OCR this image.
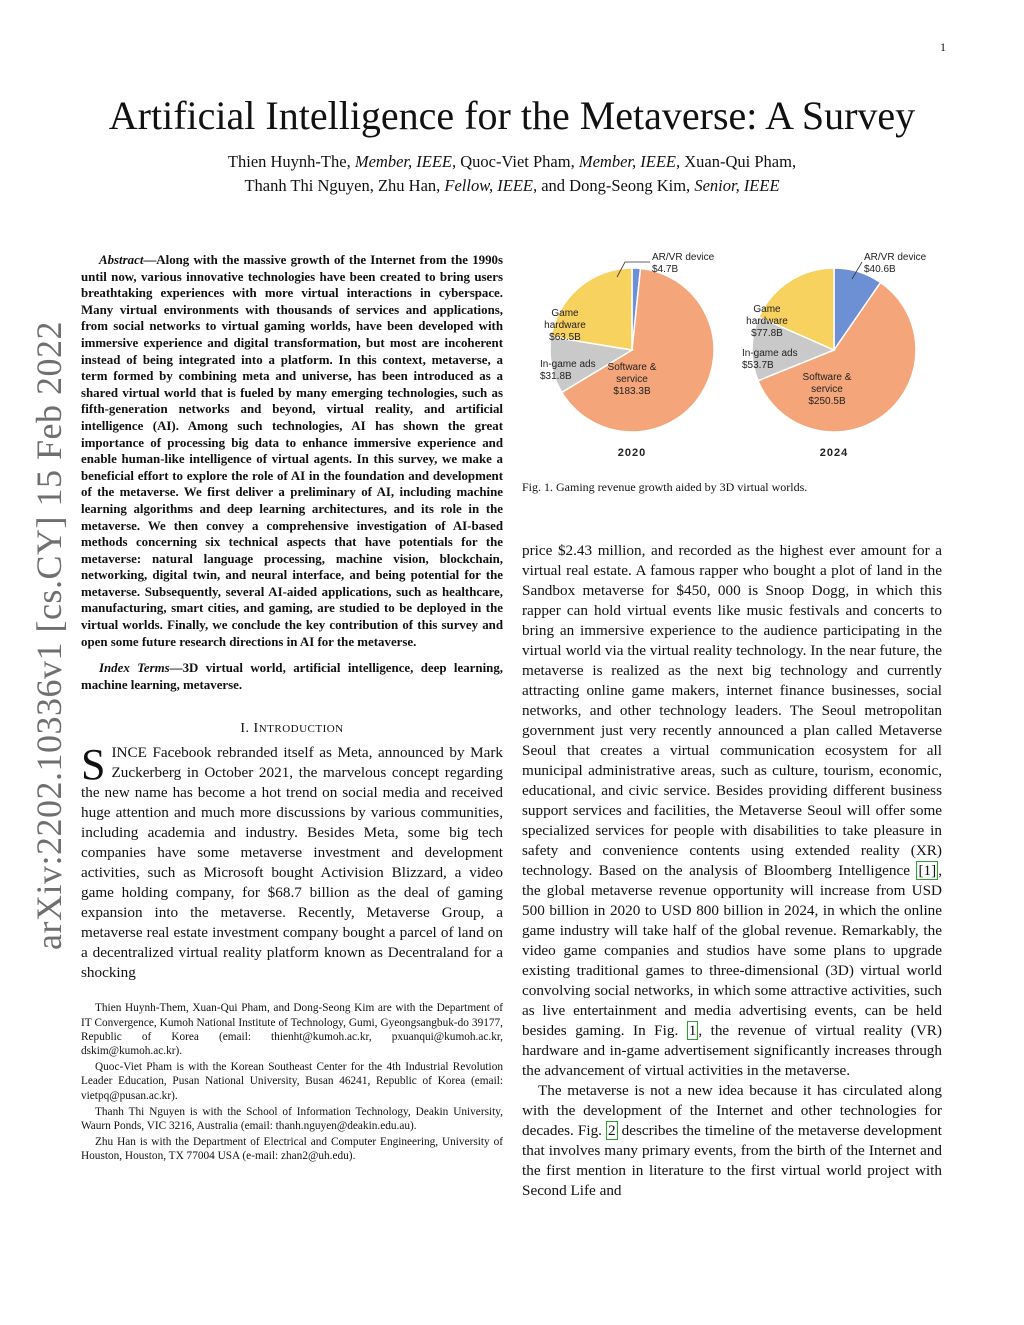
1
Artificial Intelligence for the Metaverse: A Survey
Thien Huynh-The, Member, IEEE, Quoc-Viet Pham, Member, IEEE, Xuan-Qui Pham,
Thanh Thi Nguyen, Zhu Han, Fellow, IEEE, and Dong-Seong Kim, Senior, IEEE
arXiv:2202.10336v1 [cs.CY] 15 Feb 2022

Abstract—Along with the massive growth of the Internet from the 1990s until now, various innovative technologies have been created to bring users breathtaking experiences with more virtual interactions in cyberspace. Many virtual environments with thousands of services and applications, from social networks to virtual gaming worlds, have been developed with immersive experience and digital transformation, but most are incoherent instead of being integrated into a platform. In this context, metaverse, a term formed by combining meta and universe, has been introduced as a shared virtual world that is fueled by many emerging technologies, such as fifth-generation networks and beyond, virtual reality, and artificial intelligence (AI). Among such technologies, AI has shown the great importance of processing big data to enhance immersive experience and enable human-like intelligence of virtual agents. In this survey, we make a beneficial effort to explore the role of AI in the foundation and development of the metaverse. We first deliver a preliminary of AI, including machine learning algorithms and deep learning architectures, and its role in the metaverse. We then convey a comprehensive investigation of AI-based methods concerning six technical aspects that have potentials for the metaverse: natural language processing, machine vision, blockchain, networking, digital twin, and neural interface, and being potential for the metaverse. Subsequently, several AI-aided applications, such as healthcare, manufacturing, smart cities, and gaming, are studied to be deployed in the virtual worlds. Finally, we conclude the key contribution of this survey and open some future research directions in AI for the metaverse.

Index Terms—3D virtual world, artificial intelligence, deep learning, machine learning, metaverse.

I. INTRODUCTION

SINCE Facebook rebranded itself as Meta, announced by Mark Zuckerberg in October 2021, the marvelous concept regarding the new name has become a hot trend on social media and received huge attention and much more discussions by various communities, including academia and industry. Besides Meta, some big tech companies have some metaverse investment and development activities, such as Microsoft bought Activision Blizzard, a video game holding company, for $68.7 billion as the deal of gaming expansion into the metaverse. Recently, Metaverse Group, a metaverse real estate investment company bought a parcel of land on a decentralized virtual reality platform known as Decentraland for a shocking

Thien Huynh-Them, Xuan-Qui Pham, and Dong-Seong Kim are with the Department of IT Convergence, Kumoh National Institute of Technology, Gumi, Gyeongsangbuk-do 39177, Republic of Korea (email: thienht@kumoh.ac.kr, pxuanqui@kumoh.ac.kr, dskim@kumoh.ac.kr).

Quoc-Viet Pham is with the Korean Southeast Center for the 4th Industrial Revolution Leader Education, Pusan National University, Busan 46241, Republic of Korea (email: vietpq@pusan.ac.kr).

Thanh Thi Nguyen is with the School of Information Technology, Deakin University, Waurn Ponds, VIC 3216, Australia (email: thanh.nguyen@deakin.edu.au).

Zhu Han is with the Department of Electrical and Computer Engineering, University of Houston, Houston, TX 77004 USA (e-mail: zhan2@uh.edu).

AR/VR device $4.7B
Software & service $183.3B
In-game ads $31.8B
Game hardware $63.5B
2020
AR/VR device $40.6B
Software & service $250.5B
In-game ads $53.7B
Game hardware $77.8B
2024

Fig. 1. Gaming revenue growth aided by 3D virtual worlds.

price $2.43 million, and recorded as the highest ever amount for a virtual real estate. A famous rapper who bought a plot of land in the Sandbox metaverse for $450, 000 is Snoop Dogg, in which this rapper can hold virtual events like music festivals and concerts to bring an immersive experience to the audience participating in the virtual world via the virtual reality technology. In the near future, the metaverse is realized as the next big technology and currently attracting online game makers, internet finance businesses, social networks, and other technology leaders. The Seoul metropolitan government just very recently announced a plan called Metaverse Seoul that creates a virtual communication ecosystem for all municipal administrative areas, such as culture, tourism, economic, educational, and civic service. Besides providing different business support services and facilities, the Metaverse Seoul will offer some specialized services for people with disabilities to take pleasure in safety and convenience contents using extended reality (XR) technology. Based on the analysis of Bloomberg Intelligence [1] , the global metaverse revenue opportunity will increase from USD 500 billion in 2020 to USD 800 billion in 2024, in which the online game industry will take half of the global revenue. Remarkably, the video game companies and studios have some plans to upgrade existing traditional games to three-dimensional (3D) virtual world convolving social networks, in which some attractive activities, such as live entertainment and media advertising events, can be held besides gaming. In Fig. 1 , the revenue of virtual reality (VR) hardware and in-game advertisement significantly increases through the advancement of virtual activities in the metaverse.

The metaverse is not a new idea because it has circulated along with the development of the Internet and other technologies for decades. Fig. 2 describes the timeline of the metaverse development that involves many primary events, from the birth of the Internet and the first mention in literature to the first virtual world project with Second Life and
